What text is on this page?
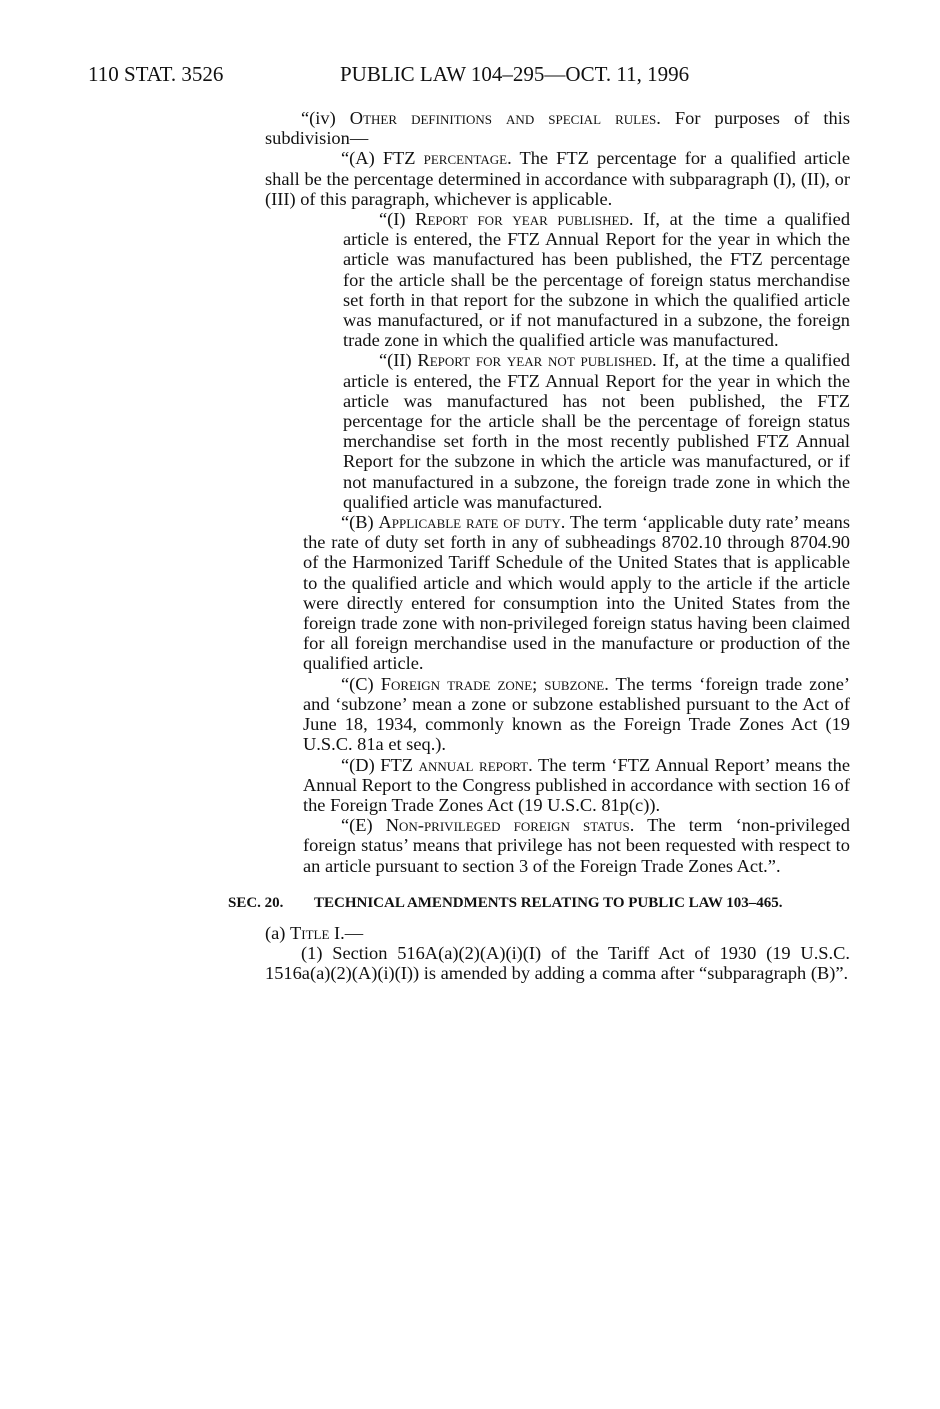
110 STAT. 3526	PUBLIC LAW 104–295—OCT. 11, 1996

“(iv) Other definitions and special rules. For purposes of this subdivision—

“(A) FTZ percentage. The FTZ percentage for a qualified article shall be the percentage determined in accordance with subparagraph (I), (II), or (III) of this paragraph, whichever is applicable.

“(I) Report for year published. If, at the time a qualified article is entered, the FTZ Annual Report for the year in which the article was manufactured has been published, the FTZ percentage for the article shall be the percentage of foreign status merchandise set forth in that report for the subzone in which the qualified article was manufactured, or if not manufactured in a subzone, the foreign trade zone in which the qualified article was manufactured.

“(II) Report for year not published. If, at the time a qualified article is entered, the FTZ Annual Report for the year in which the article was manufactured has not been published, the FTZ percentage for the article shall be the percentage of foreign status merchandise set forth in the most recently published FTZ Annual Report for the subzone in which the article was manufactured, or if not manufactured in a subzone, the foreign trade zone in which the qualified article was manufactured.

“(B) Applicable rate of duty. The term ‘applicable duty rate’ means the rate of duty set forth in any of subheadings 8702.10 through 8704.90 of the Harmonized Tariff Schedule of the United States that is applicable to the qualified article and which would apply to the article if the article were directly entered for consumption into the United States from the foreign trade zone with non-privileged foreign status having been claimed for all foreign merchandise used in the manufacture or production of the qualified article.

“(C) Foreign trade zone; subzone. The terms ‘foreign trade zone’ and ‘subzone’ mean a zone or subzone established pursuant to the Act of June 18, 1934, commonly known as the Foreign Trade Zones Act (19 U.S.C. 81a et seq.).

“(D) FTZ annual report. The term ‘FTZ Annual Report’ means the Annual Report to the Congress published in accordance with section 16 of the Foreign Trade Zones Act (19 U.S.C. 81p(c)).

“(E) Non-privileged foreign status. The term ‘non-privileged foreign status’ means that privilege has not been requested with respect to an article pursuant to section 3 of the Foreign Trade Zones Act.”.

SEC. 20. TECHNICAL AMENDMENTS RELATING TO PUBLIC LAW 103–465.

(a) Title I.—

(1) Section 516A(a)(2)(A)(i)(I) of the Tariff Act of 1930 (19 U.S.C. 1516a(a)(2)(A)(i)(I)) is amended by adding a comma after “subparagraph (B)”.
